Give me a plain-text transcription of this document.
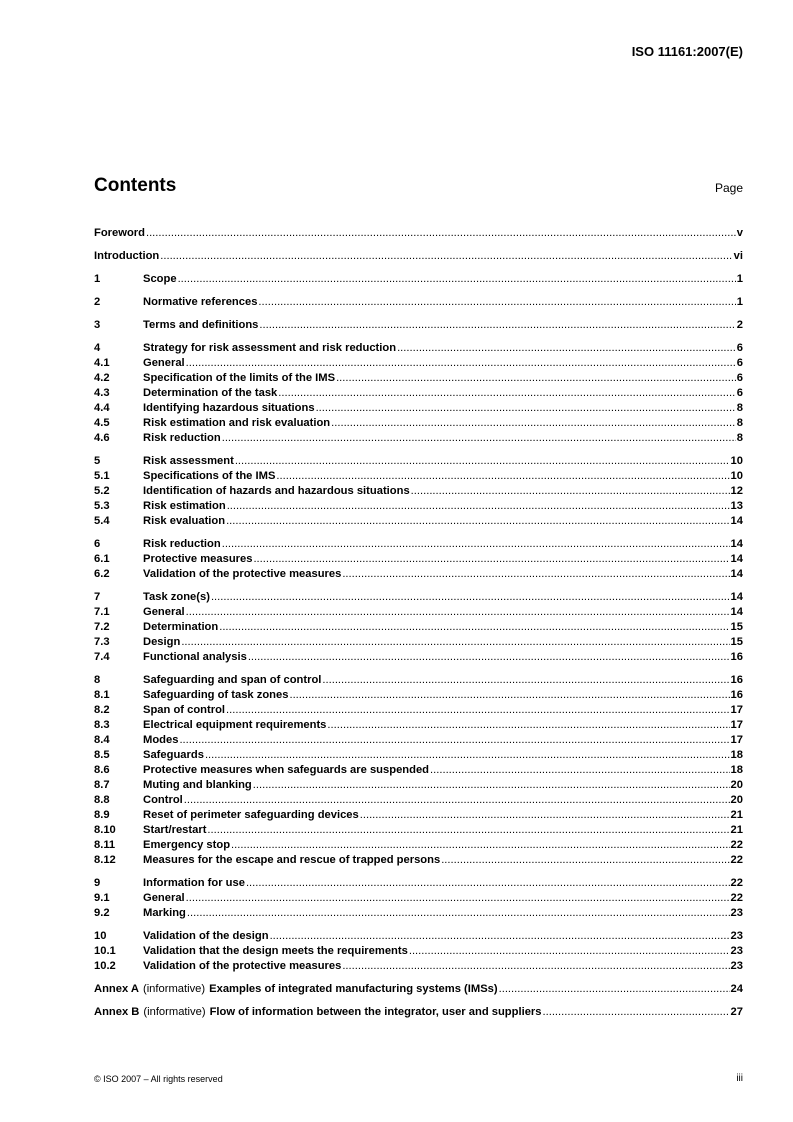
ISO 11161:2007(E)
Contents	Page
Foreword .....	v
Introduction .....	vi
1	Scope .....	1
2	Normative references .....	1
3	Terms and definitions .....	2
4	Strategy for risk assessment and risk reduction .....	6
4.1	General .....	6
4.2	Specification of the limits of the IMS .....	6
4.3	Determination of the task .....	6
4.4	Identifying hazardous situations .....	8
4.5	Risk estimation and risk evaluation .....	8
4.6	Risk reduction .....	8
5	Risk assessment .....	10
5.1	Specifications of the IMS .....	10
5.2	Identification of hazards and hazardous situations .....	12
5.3	Risk estimation .....	13
5.4	Risk evaluation .....	14
6	Risk reduction .....	14
6.1	Protective measures .....	14
6.2	Validation of the protective measures .....	14
7	Task zone(s) .....	14
7.1	General .....	14
7.2	Determination .....	15
7.3	Design .....	15
7.4	Functional analysis .....	16
8	Safeguarding and span of control .....	16
8.1	Safeguarding of task zones .....	16
8.2	Span of control .....	17
8.3	Electrical equipment requirements .....	17
8.4	Modes .....	17
8.5	Safeguards .....	18
8.6	Protective measures when safeguards are suspended .....	18
8.7	Muting and blanking .....	20
8.8	Control .....	20
8.9	Reset of perimeter safeguarding devices .....	21
8.10	Start/restart .....	21
8.11	Emergency stop .....	22
8.12	Measures for the escape and rescue of trapped persons .....	22
9	Information for use .....	22
9.1	General .....	22
9.2	Marking .....	23
10	Validation of the design .....	23
10.1	Validation that the design meets the requirements .....	23
10.2	Validation of the protective measures .....	23
Annex A (informative) Examples of integrated manufacturing systems (IMSs) .....	24
Annex B (informative) Flow of information between the integrator, user and suppliers .....	27
© ISO 2007 – All rights reserved	iii
